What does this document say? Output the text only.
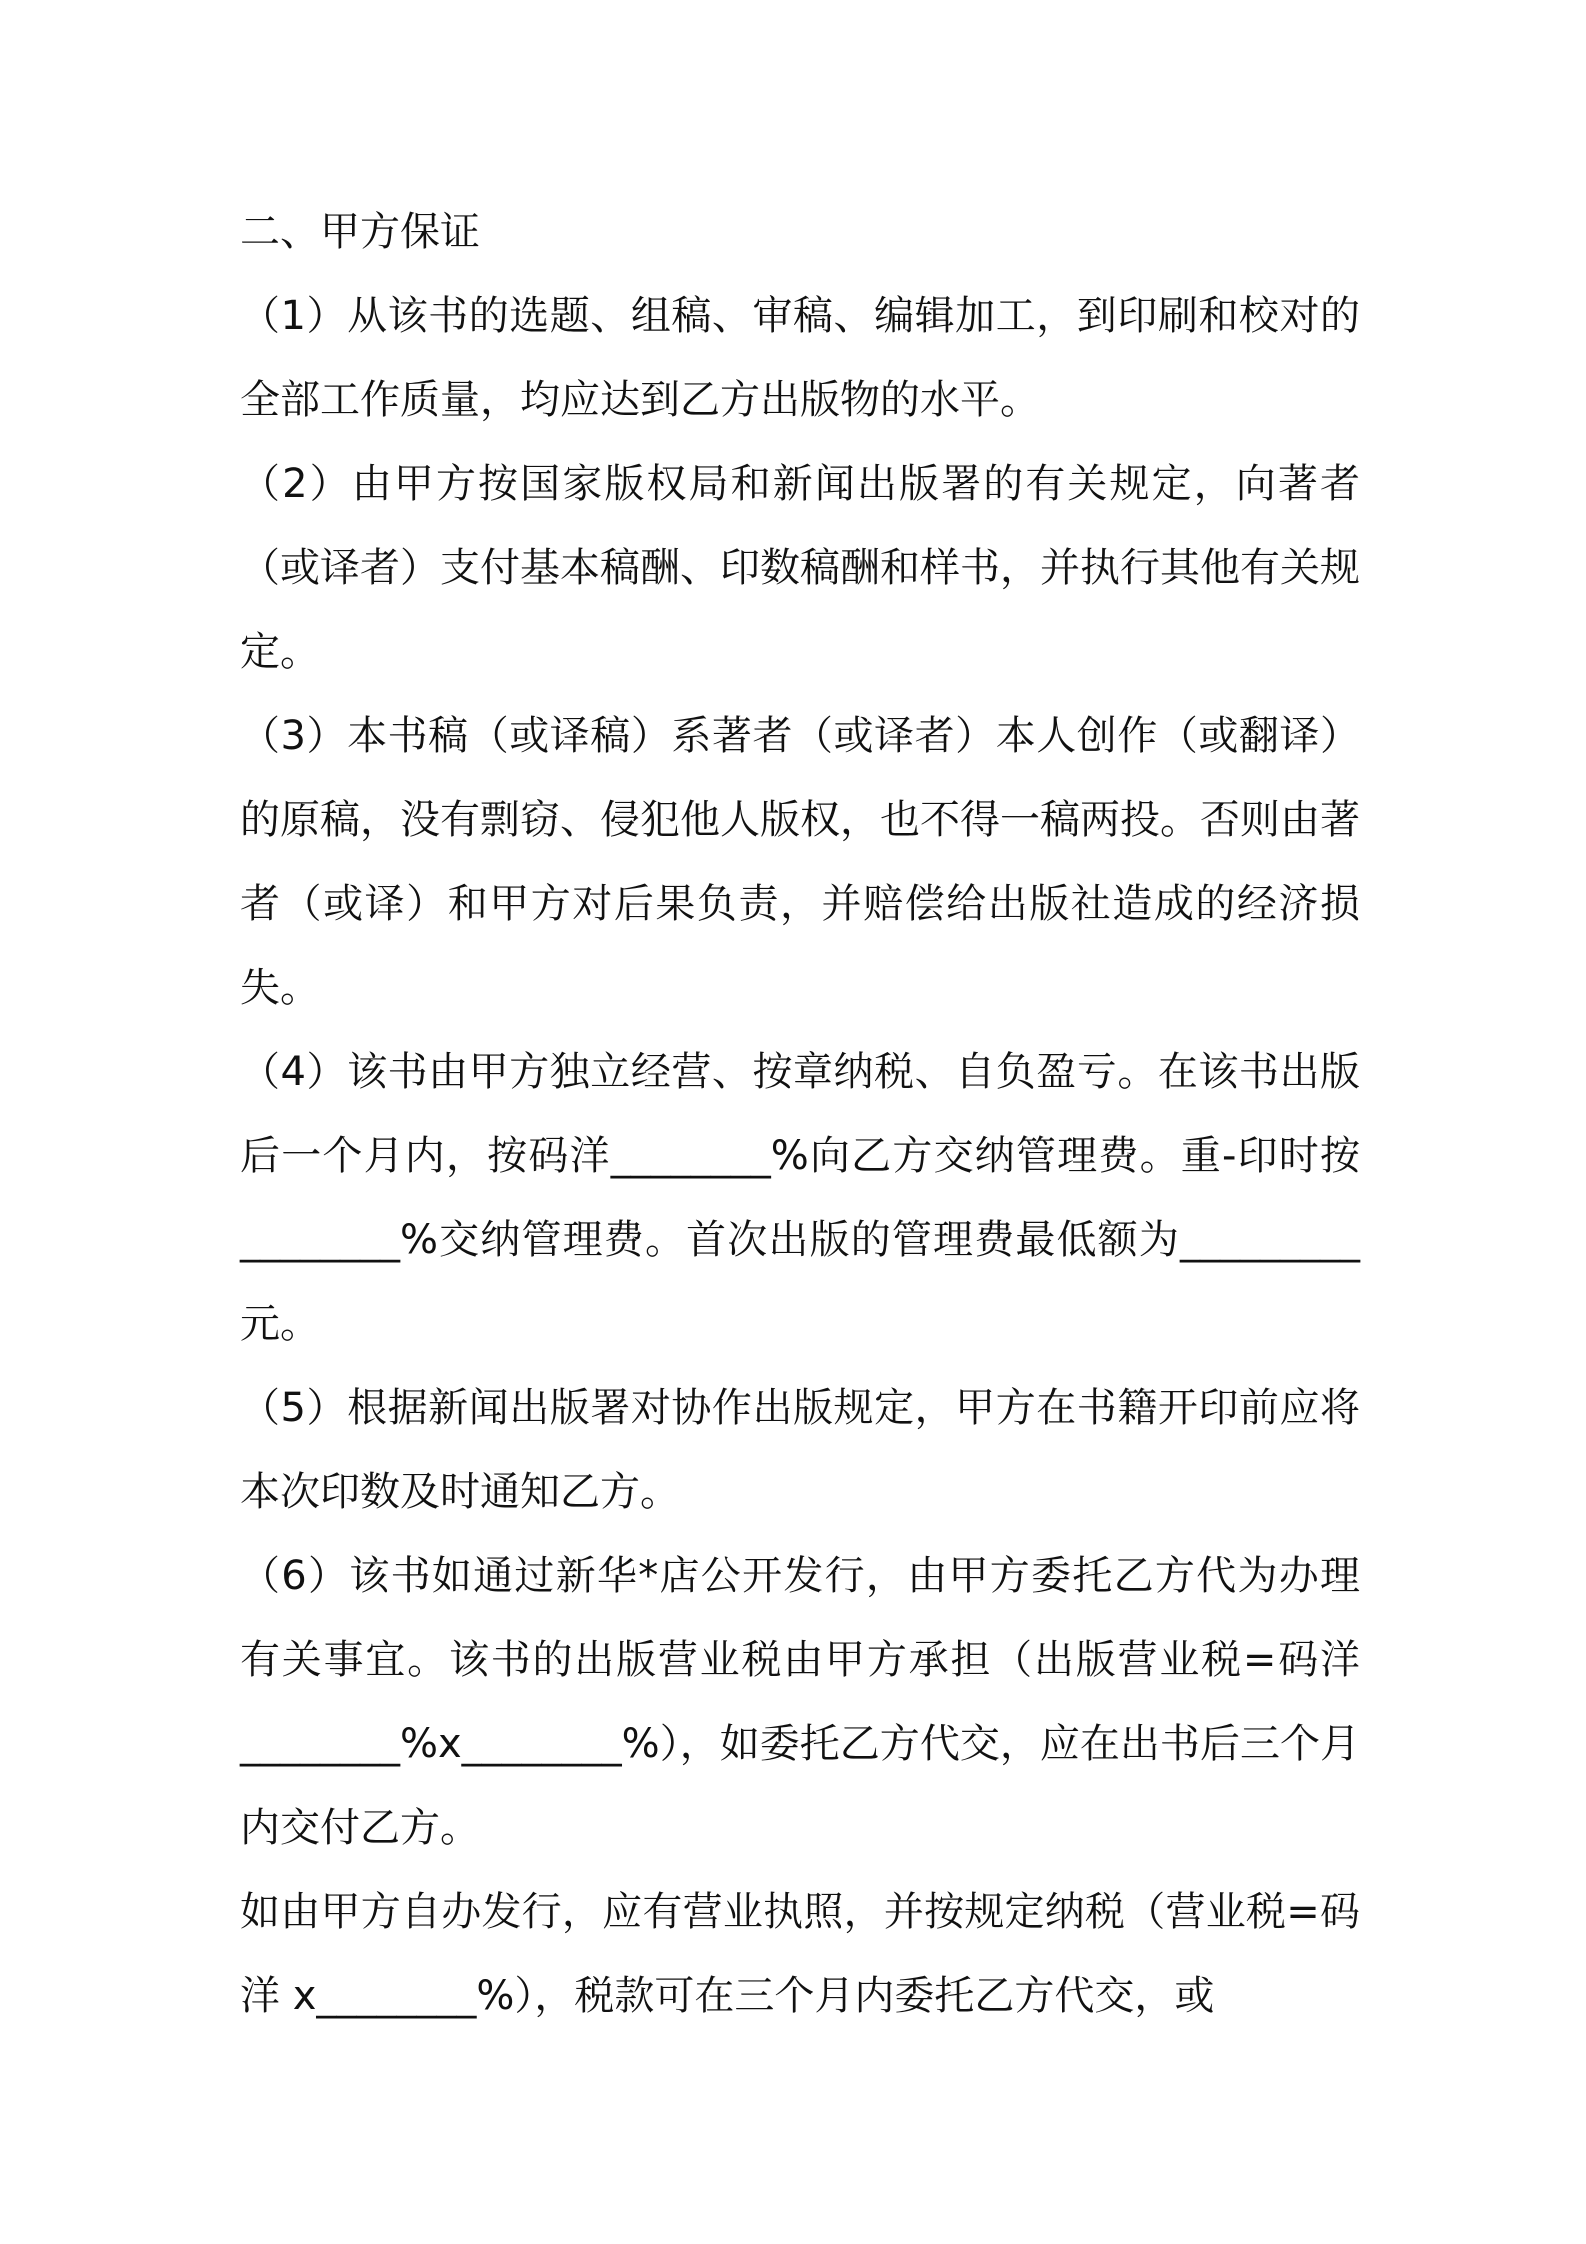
二、甲方保证

（1）从该书的选题、组稿、审稿、编辑加工，到印刷和校对的全部工作质量，均应达到乙方出版物的水平。

（2）由甲方按国家版权局和新闻出版署的有关规定，向著者（或译者）支付基本稿酬、印数稿酬和样书，并执行其他有关规定。

（3）本书稿（或译稿）系著者（或译者）本人创作（或翻译）的原稿，没有剽窃、侵犯他人版权，也不得一稿两投。否则由著者（或译）和甲方对后果负责，并赔偿给出版社造成的经济损失。

（4）该书由甲方独立经营、按章纳税、自负盈亏。在该书出版后一个月内，按码洋________%向乙方交纳管理费。重-印时按________%交纳管理费。首次出版的管理费最低额为_________元。

（5）根据新闻出版署对协作出版规定，甲方在书籍开印前应将本次印数及时通知乙方。

（6）该书如通过新华*店公开发行，由甲方委托乙方代为办理有关事宜。该书的出版营业税由甲方承担（出版营业税=码洋________%x________%），如委托乙方代交，应在出书后三个月内交付乙方。

如由甲方自办发行，应有营业执照，并按规定纳税（营业税=码洋 x________%），税款可在三个月内委托乙方代交，或
